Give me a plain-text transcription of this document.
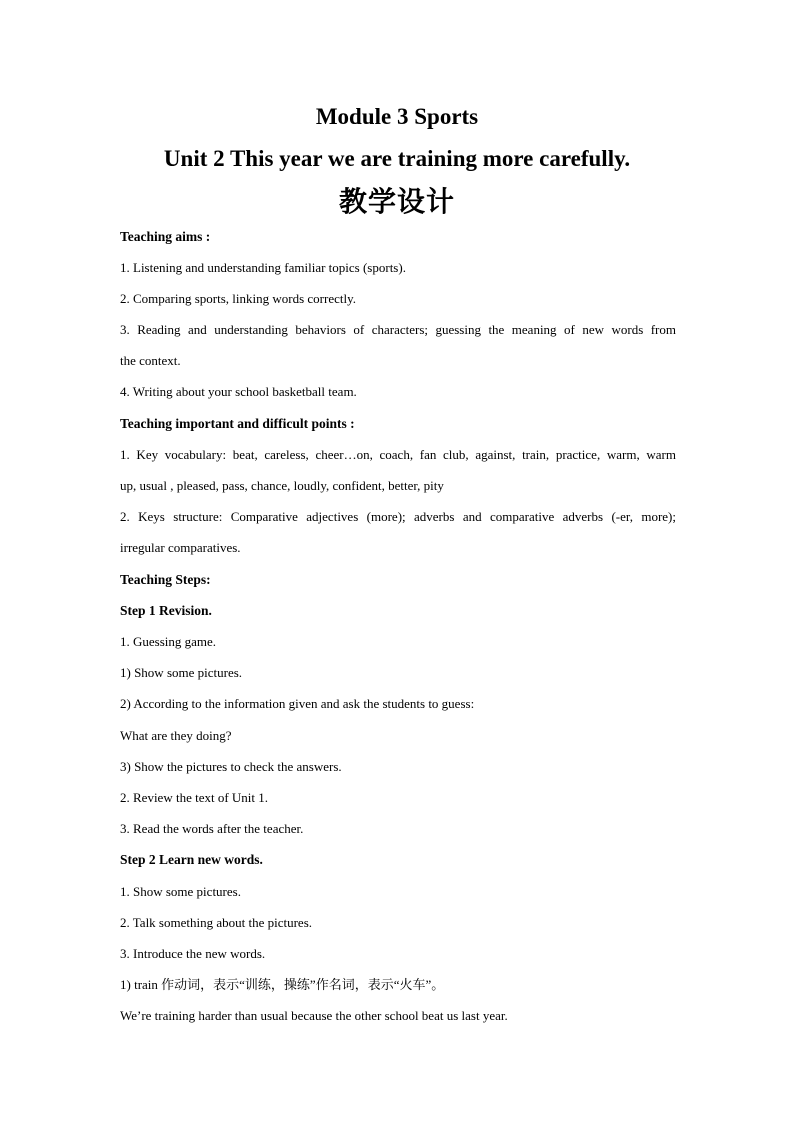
Module 3 Sports
Unit 2 This year we are training more carefully.
教学设计
Teaching aims :
1. Listening and understanding familiar topics (sports).
2. Comparing sports, linking words correctly.
3. Reading and understanding behaviors of characters; guessing the meaning of new words from
the context.
4. Writing about your school basketball team.
Teaching important and difficult points :
1. Key vocabulary: beat, careless, cheer…on, coach, fan club, against, train, practice, warm, warm
up, usual , pleased, pass, chance, loudly, confident, better, pity
2. Keys structure: Comparative adjectives (more); adverbs and comparative adverbs (-er, more);
irregular comparatives.
Teaching Steps:
Step 1 Revision.
1. Guessing game.
1) Show some pictures.
2) According to the information given and ask the students to guess:
What are they doing?
3) Show the pictures to check the answers.
2. Review the text of Unit 1.
3. Read the words after the teacher.
Step 2 Learn new words.
1. Show some pictures.
2. Talk something about the pictures.
3. Introduce the new words.
1) train 作动词，表示“训练，操练”作名词，表示“火车”。
We’re training harder than usual because the other school beat us last year.
